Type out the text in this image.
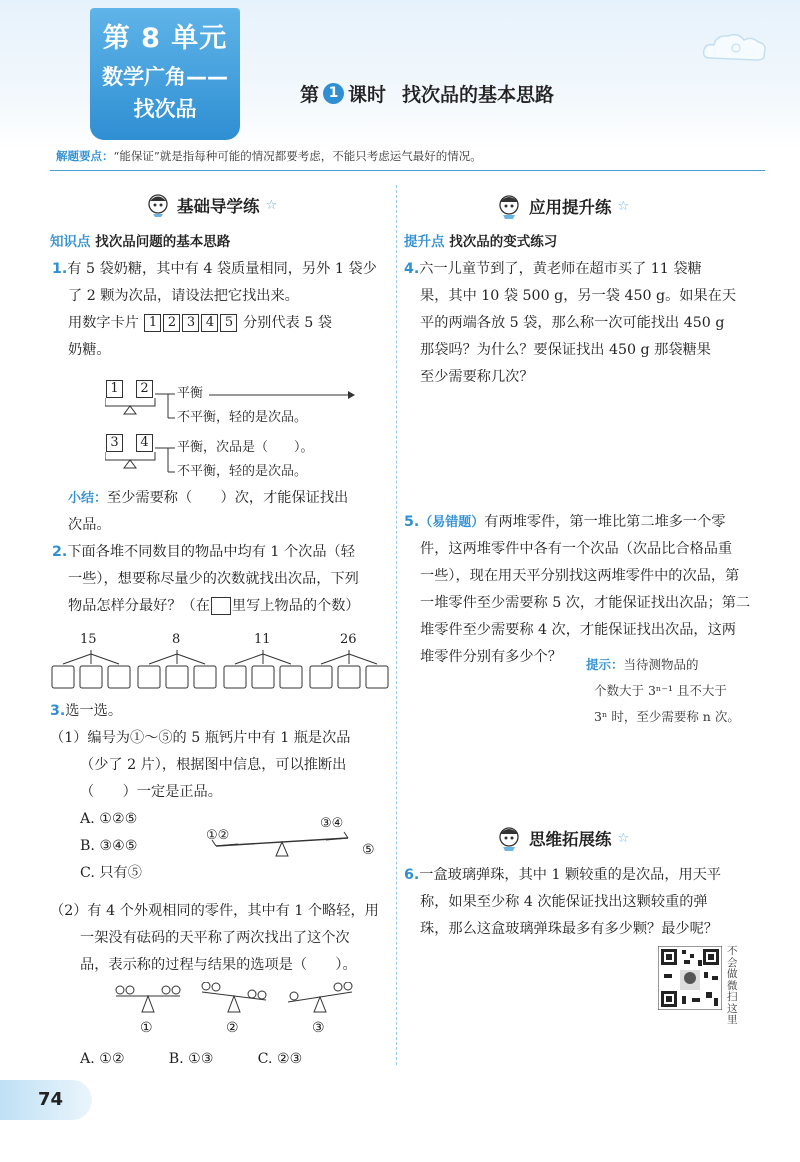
第 8 单元
数学广角——
找次品
第 1 课时 找次品的基本思路
解题要点：“能保证”就是指每种可能的情况都要考虑，不能只考虑运气最好的情况。
基础导学练 ☆
知识点 找次品问题的基本思路
1.有 5 袋奶糖，其中有 4 袋质量相同，另外 1 袋少
了 2 颗为次品，请设法把它找出来。
用数字卡片 1 2 3 4 5 分别代表 5 袋
奶糖。
1	2	平衡
不平衡，轻的是次品。
3	4	平衡，次品是（　　）。
不平衡，轻的是次品。
小结：至少需要称（　　）次，才能保证找出
次品。
2.下面各堆不同数目的物品中均有 1 个次品（轻
一些），想要称尽量少的次数就找出次品，下列
物品怎样分最好？（在 里写上物品的个数）
15	8	11	26
3.选一选。
（1）编号为①～⑤的 5 瓶钙片中有 1 瓶是次品
（少了 2 片），根据图中信息，可以推断出
（　　）一定是正品。
A. ①②⑤
B. ③④⑤
C. 只有⑤
①②
③④
⑤
（2）有 4 个外观相同的零件，其中有 1 个略轻，用
一架没有砝码的天平称了两次找出了这个次
品，表示称的过程与结果的选项是（　　）。
①	②	③
A. ①②	B. ①③	C. ②③
应用提升练 ☆
提升点 找次品的变式练习
4.六一儿童节到了，黄老师在超市买了 11 袋糖
果，其中 10 袋 500 g，另一袋 450 g。如果在天
平的两端各放 5 袋，那么称一次可能找出 450 g
那袋吗？为什么？要保证找出 450 g 那袋糖果
至少需要称几次？
5.（易错题）有两堆零件，第一堆比第二堆多一个零
件，这两堆零件中各有一个次品（次品比合格品重
一些），现在用天平分别找这两堆零件中的次品，第
一堆零件至少需要称 5 次，才能保证找出次品；第二
堆零件至少需要称 4 次，才能保证找出次品，这两
堆零件分别有多少个？	提示：当待测物品的
个数大于 3ⁿ⁻¹ 且不大于
3ⁿ 时，至少需要称 n 次。
思维拓展练 ☆
6.一盒玻璃弹珠，其中 1 颗较重的是次品，用天平
称，如果至少称 4 次能保证找出这颗较重的弹
珠，那么这盒玻璃弹珠最多有多少颗？最少呢？
不会做微扫这里
74
